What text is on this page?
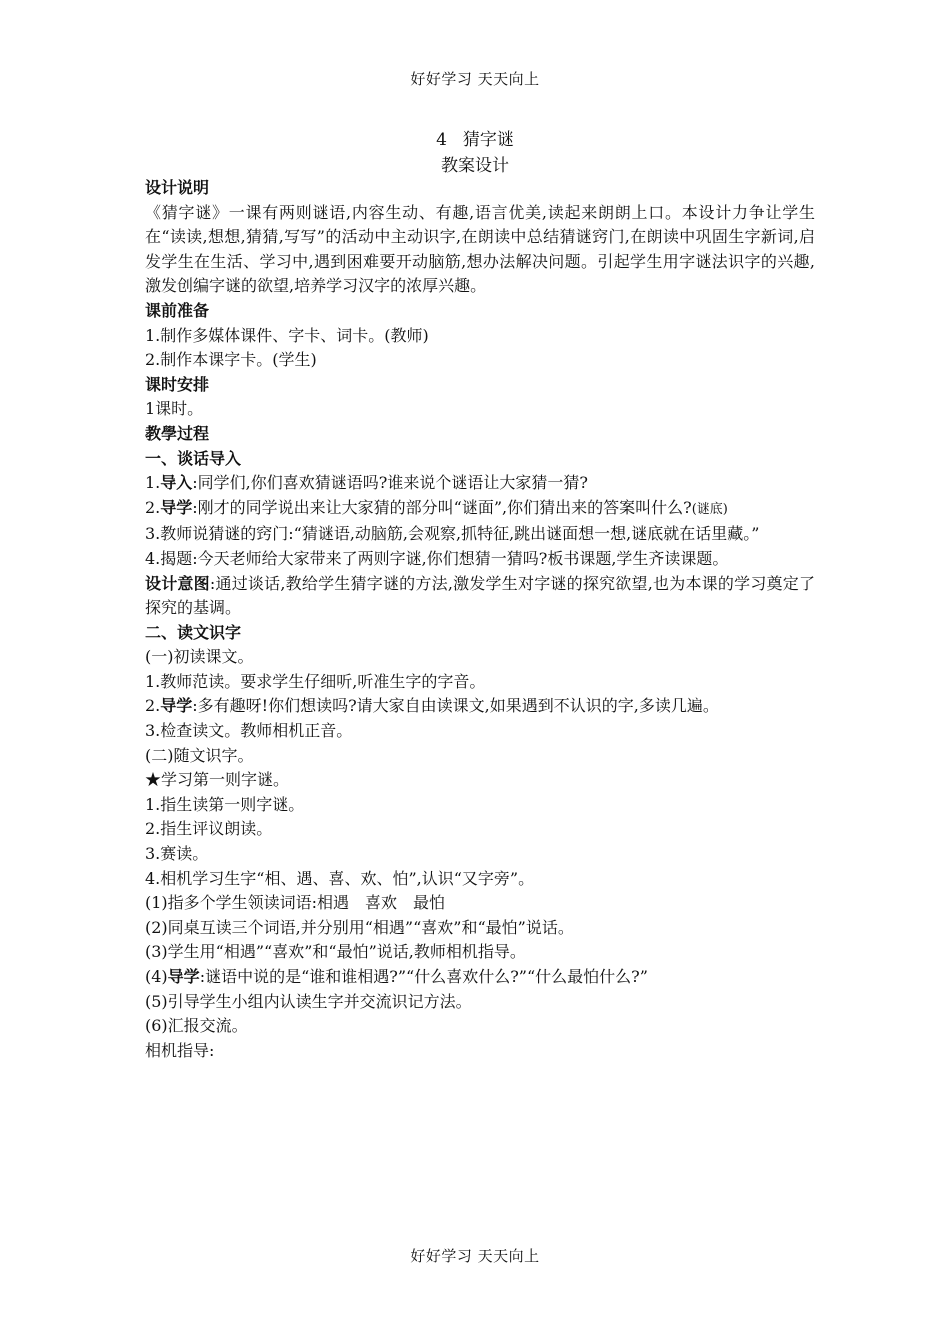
好好学习 天天向上
4 猜字谜
教案设计

设计说明

《猜字谜》一课有两则谜语,内容生动、有趣,语言优美,读起来朗朗上口。本设计力争让学生在“读读,想想,猜猜,写写”的活动中主动识字,在朗读中总结猜谜窍门,在朗读中巩固生字新词,启发学生在生活、学习中,遇到困难要开动脑筋,想办法解决问题。引起学生用字谜法识字的兴趣,激发创编字谜的欲望,培养学习汉字的浓厚兴趣。

课前准备

1.制作多媒体课件、字卡、词卡。(教师)

2.制作本课字卡。(学生)

课时安排

1课时。

教學过程

一、谈话导入

1.导入:同学们,你们喜欢猜谜语吗?谁来说个谜语让大家猜一猜?

2.导学:刚才的同学说出来让大家猜的部分叫“谜面”,你们猜出来的答案叫什么?(谜底)

3.教师说猜谜的窍门:“猜谜语,动脑筋,会观察,抓特征,跳出谜面想一想,谜底就在话里藏。”

4.揭题:今天老师给大家带来了两则字谜,你们想猜一猜吗?板书课题,学生齐读课题。

设计意图:通过谈话,教给学生猜字谜的方法,激发学生对字谜的探究欲望,也为本课的学习奠定了探究的基调。

二、读文识字

(一)初读课文。

1.教师范读。要求学生仔细听,听准生字的字音。

2.导学:多有趣呀!你们想读吗?请大家自由读课文,如果遇到不认识的字,多读几遍。

3.检查读文。教师相机正音。

(二)随文识字。

★学习第一则字谜。

1.指生读第一则字谜。

2.指生评议朗读。

3.赛读。

4.相机学习生字“相、遇、喜、欢、怕”,认识“又字旁”。

(1)指多个学生领读词语:相遇　喜欢　最怕

(2)同桌互读三个词语,并分别用“相遇”“喜欢”和“最怕”说话。

(3)学生用“相遇”“喜欢”和“最怕”说话,教师相机指导。

(4)导学:谜语中说的是“谁和谁相遇?”“什么喜欢什么?”“什么最怕什么?”

(5)引导学生小组内认读生字并交流识记方法。

(6)汇报交流。

相机指导:

好好学习 天天向上
